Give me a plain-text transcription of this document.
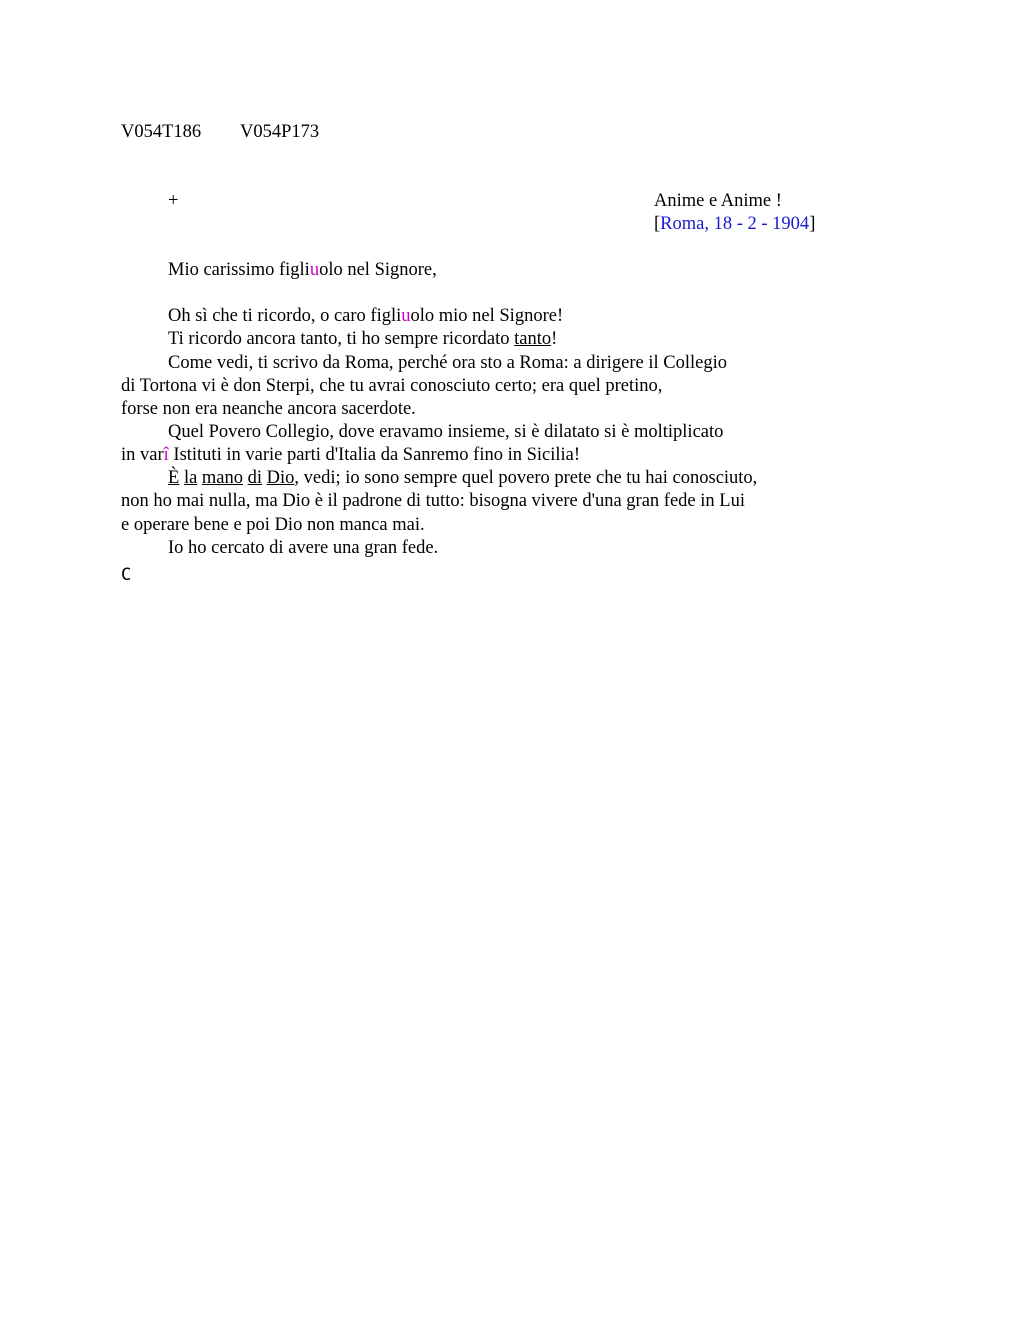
V054T186 V054P173
+	Anime e Anime !
[Roma, 18 - 2 - 1904]
Mio carissimo figliuolo nel Signore,
Oh sì che ti ricordo, o caro figliuolo mio nel Signore!
Ti ricordo ancora tanto, ti ho sempre ricordato tanto!
Come vedi, ti scrivo da Roma, perché ora sto a Roma: a dirigere il Collegio
di Tortona vi è don Sterpi, che tu avrai conosciuto certo; era quel pretino,
forse non era neanche ancora sacerdote.
Quel Povero Collegio, dove eravamo insieme, si è dilatato si è moltiplicato
in varî Istituti in varie parti d'Italia da Sanremo fino in Sicilia!
È la mano di Dio, vedi; io sono sempre quel povero prete che tu hai conosciuto,
non ho mai nulla, ma Dio è il padrone di tutto: bisogna vivere d'una gran fede in Lui
e operare bene e poi Dio non manca mai.
Io ho cercato di avere una gran fede.
C
